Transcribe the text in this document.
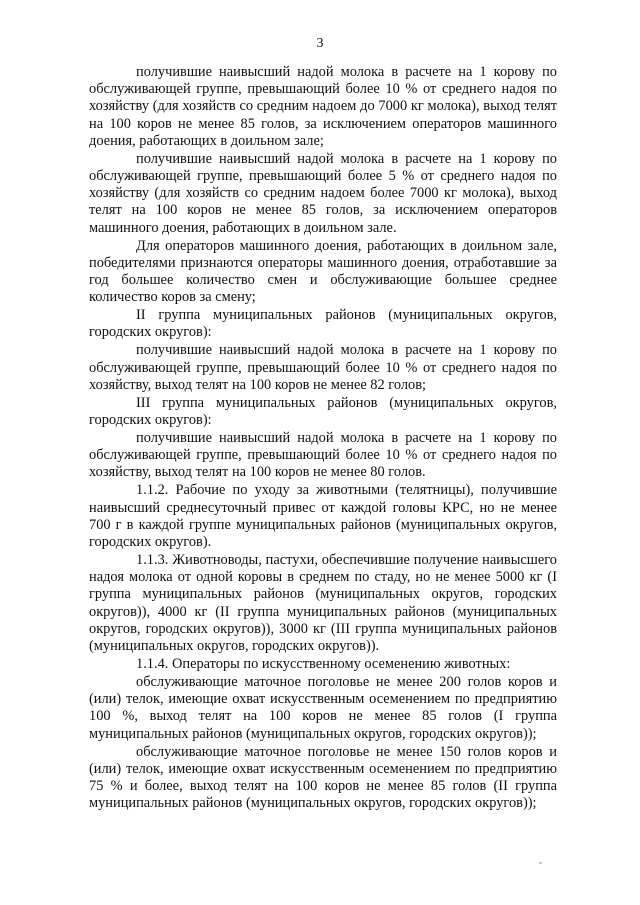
3

получившие наивысший надой молока в расчете на 1 корову по обслуживающей группе, превышающий более 10 % от среднего надоя по хозяйству (для хозяйств со средним надоем до 7000 кг молока), выход телят на 100 коров не менее 85 голов, за исключением операторов машинного доения, работающих в доильном зале;

получившие наивысший надой молока в расчете на 1 корову по обслуживающей группе, превышающий более 5 % от среднего надоя по хозяйству (для хозяйств со средним надоем более 7000 кг молока), выход телят на 100 коров не менее 85 голов, за исключением операторов машинного доения, работающих в доильном зале.

Для операторов машинного доения, работающих в доильном зале, победителями признаются операторы машинного доения, отработавшие за год большее количество смен и обслуживающие большее среднее количество коров за смену;

II группа муниципальных районов (муниципальных округов, городских округов):

получившие наивысший надой молока в расчете на 1 корову по обслуживающей группе, превышающий более 10 % от среднего надоя по хозяйству, выход телят на 100 коров не менее 82 голов;

III группа муниципальных районов (муниципальных округов, городских округов):

получившие наивысший надой молока в расчете на 1 корову по обслуживающей группе, превышающий более 10 % от среднего надоя по хозяйству, выход телят на 100 коров не менее 80 голов.

1.1.2. Рабочие по уходу за животными (телятницы), получившие наивысший среднесуточный привес от каждой головы КРС, но не менее 700 г в каждой группе муниципальных районов (муниципальных округов, городских округов).

1.1.3. Животноводы, пастухи, обеспечившие получение наивысшего надоя молока от одной коровы в среднем по стаду, но не менее 5000 кг (I группа муниципальных районов (муниципальных округов, городских округов)), 4000 кг (II группа муниципальных районов (муниципальных округов, городских округов)), 3000 кг (III группа муниципальных районов (муниципальных округов, городских округов)).

1.1.4. Операторы по искусственному осеменению животных:

обслуживающие маточное поголовье не менее 200 голов коров и (или) телок, имеющие охват искусственным осеменением по предприятию 100 %, выход телят на 100 коров не менее 85 голов (I группа муниципальных районов (муниципальных округов, городских округов));

обслуживающие маточное поголовье не менее 150 голов коров и (или) телок, имеющие охват искусственным осеменением по предприятию 75 % и более, выход телят на 100 коров не менее 85 голов (II группа муниципальных районов (муниципальных округов, городских округов));
